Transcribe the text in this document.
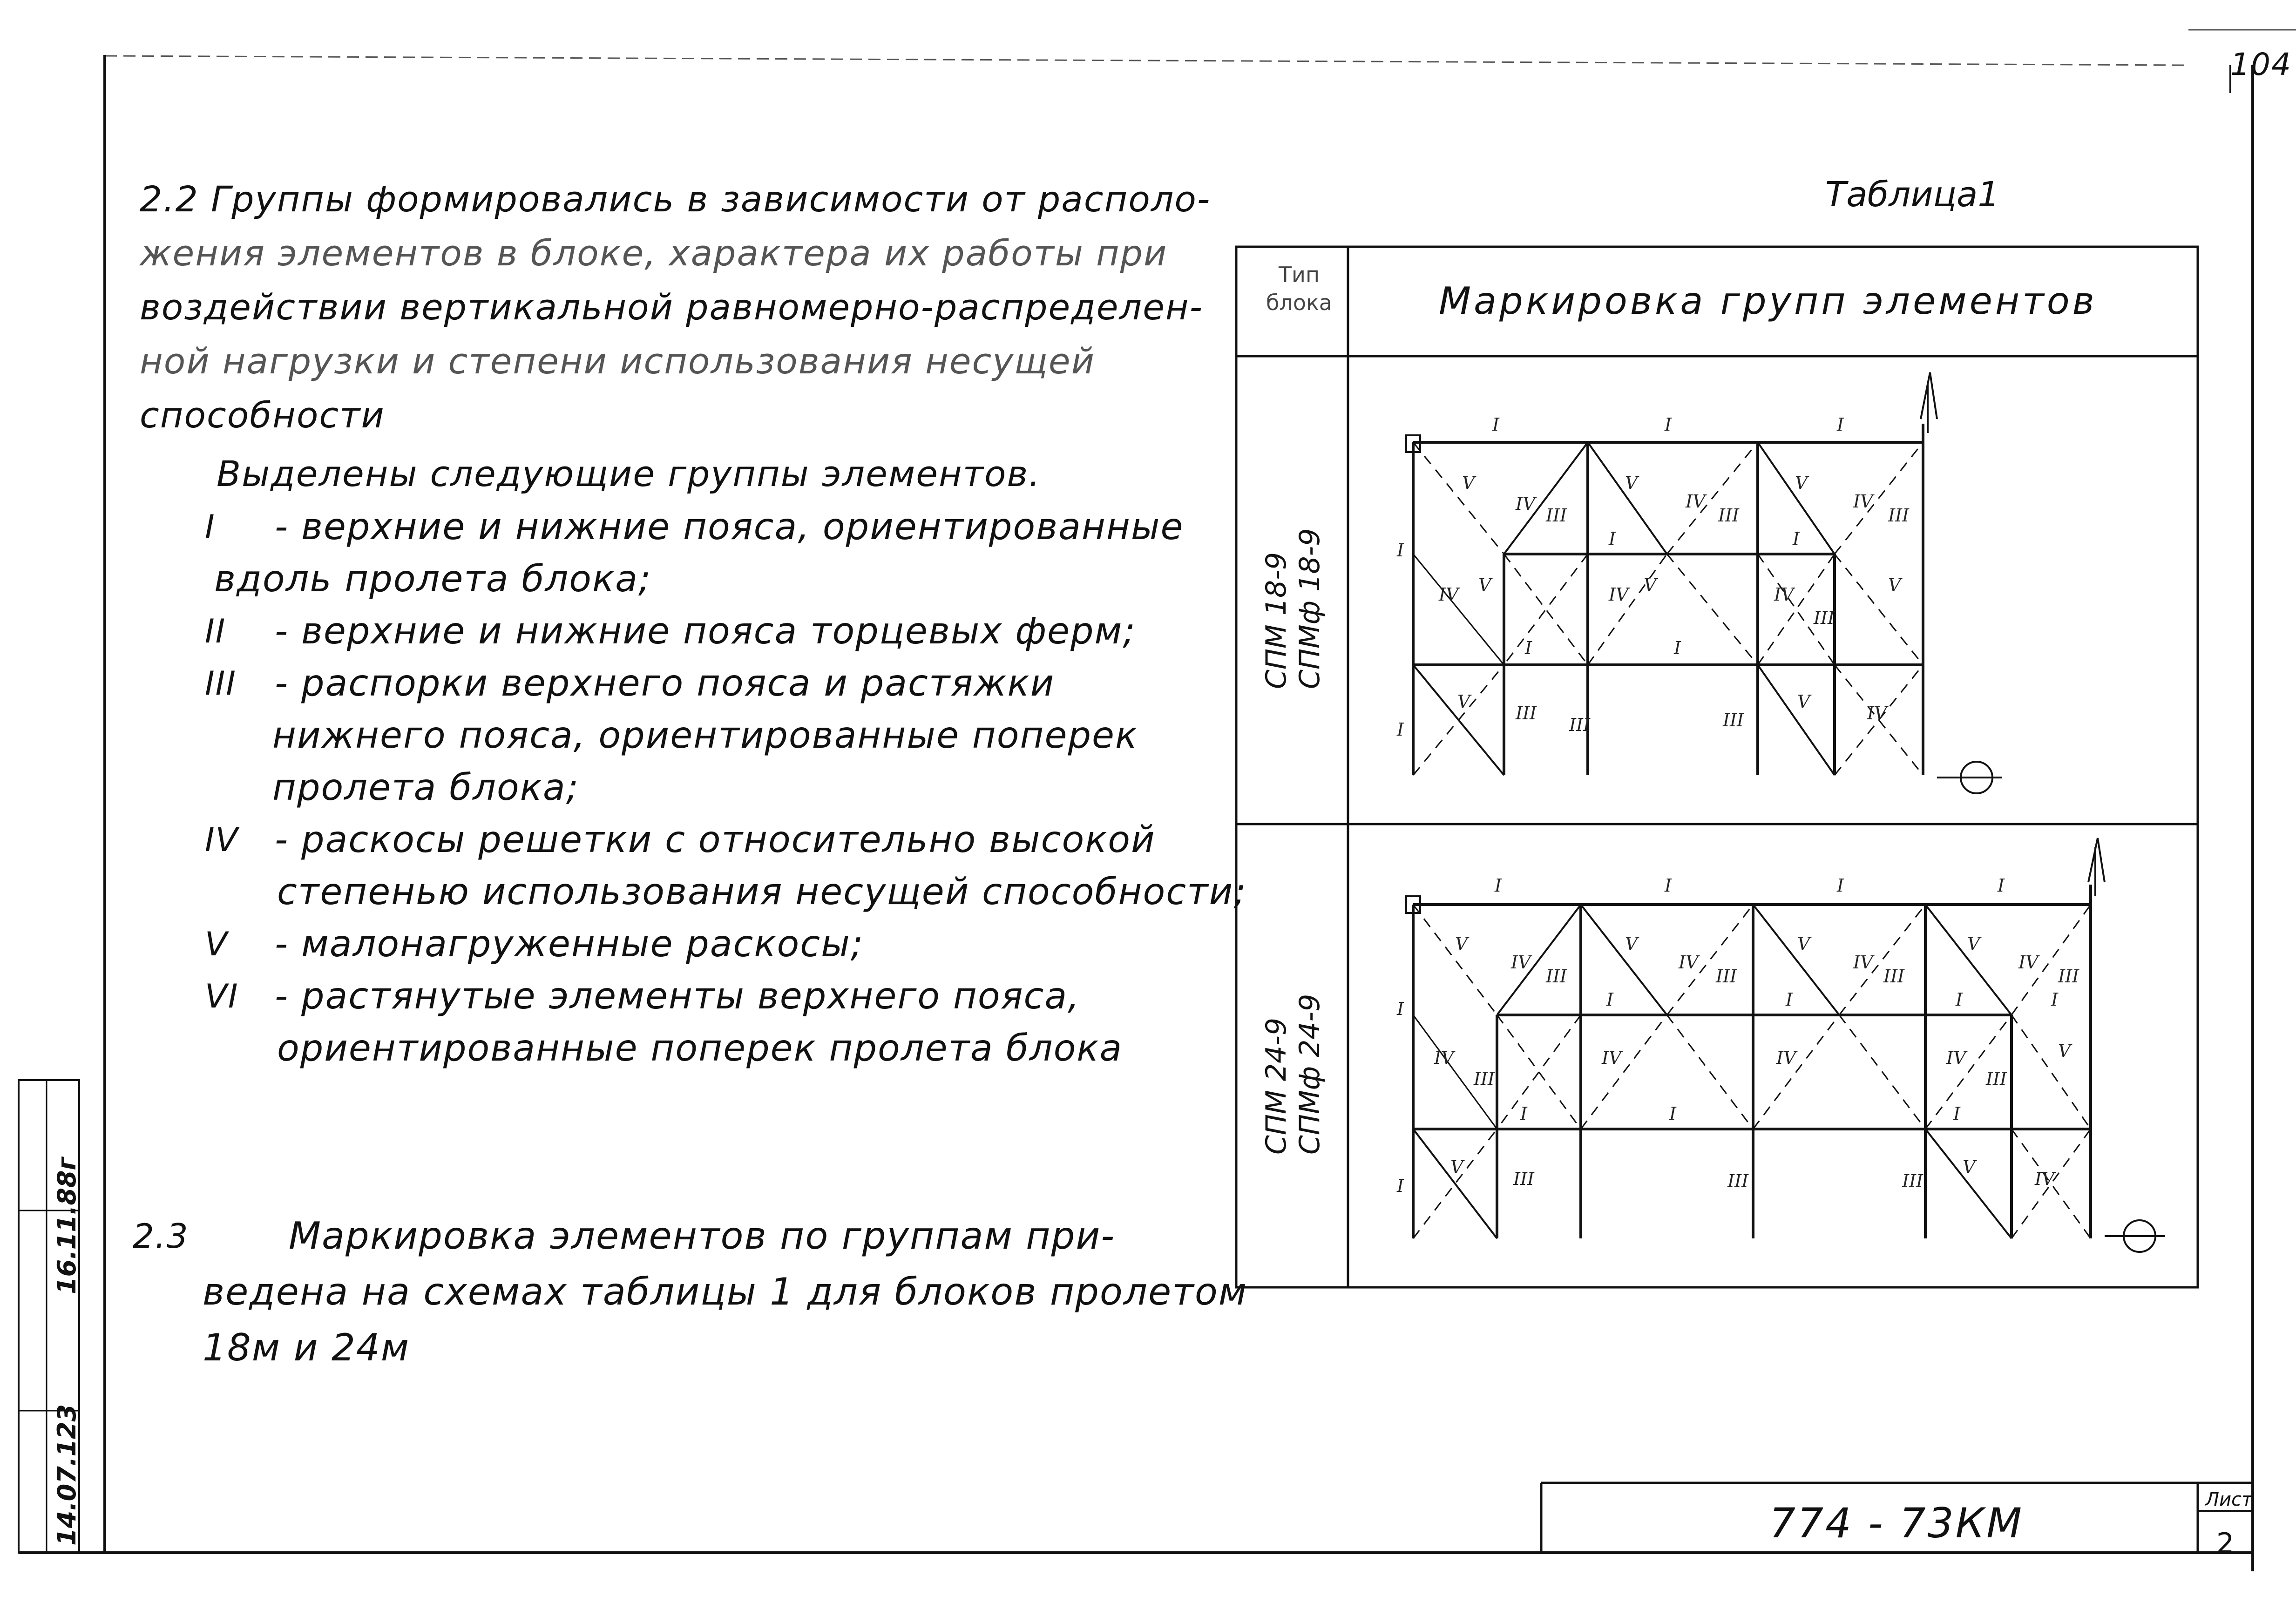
I	I	I
I	I
I	I
I
I
V
IV
III
V
IV
III
V
IV
III
IV V	IV V	IV
III
V
V
III
III	III
V
IV
I	I	I	I
I	I	I	I
I	I	I
I
I
V
IV
III
V
IV
III
V
IV
III
V
IV
III
IV
III
IV	IV	IV
III
V
V
III	III	III
V
IV
104
2.2 Группы формировались в зависимости от располо-
жения элементов в блоке, характера их работы при
воздействии вертикальной равномерно-распределен-
ной нагрузки и степени использования несущей
способности
Выделены следующие группы элементов.
I	- верхние и нижние пояса, ориентированные
вдоль пролета блока;
II	- верхние и нижние пояса торцевых ферм;
III	- распорки верхнего пояса и растяжки
нижнего пояса, ориентированные поперек
пролета блока;
IV - раскосы решетки с относительно высокой
степенью использования несущей способности;
V	- малонагруженные раскосы;
VI - растянутые элементы верхнего пояса,
ориентированные поперек пролета блока
2.3	Маркировка элементов по группам при-
ведена на схемах таблицы 1 для блоков пролетом
18м и 24м
Таблица1
Тип
блока	Маркировка групп элементов
СПМ 18-9 СПМф 18-9
СПМ 24-9 СПМф 24-9
774 - 73КМ	Лист
2
14.07.123
16.11.88г
